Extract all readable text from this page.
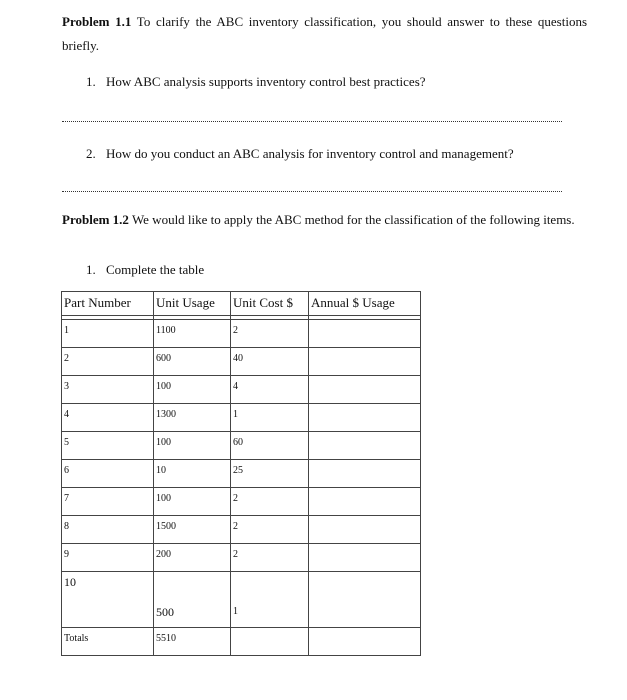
Problem 1.1 To clarify the ABC inventory classification, you should answer to these questions briefly.
1. How ABC analysis supports inventory control best practices?
2. How do you conduct an ABC analysis for inventory control and management?
Problem 1.2 We would like to apply the ABC method for the classification of the following items.
1. Complete the table
Part Number	Unit Usage	Unit Cost $	Annual $ Usage

1	1100	2	
2	600	40	
3	100	4	
4	1300	1	
5	100	60	
6	10	25	
7	100	2	
8	1500	2	
9	200	2	

10	500	1	

Totals	5510		
